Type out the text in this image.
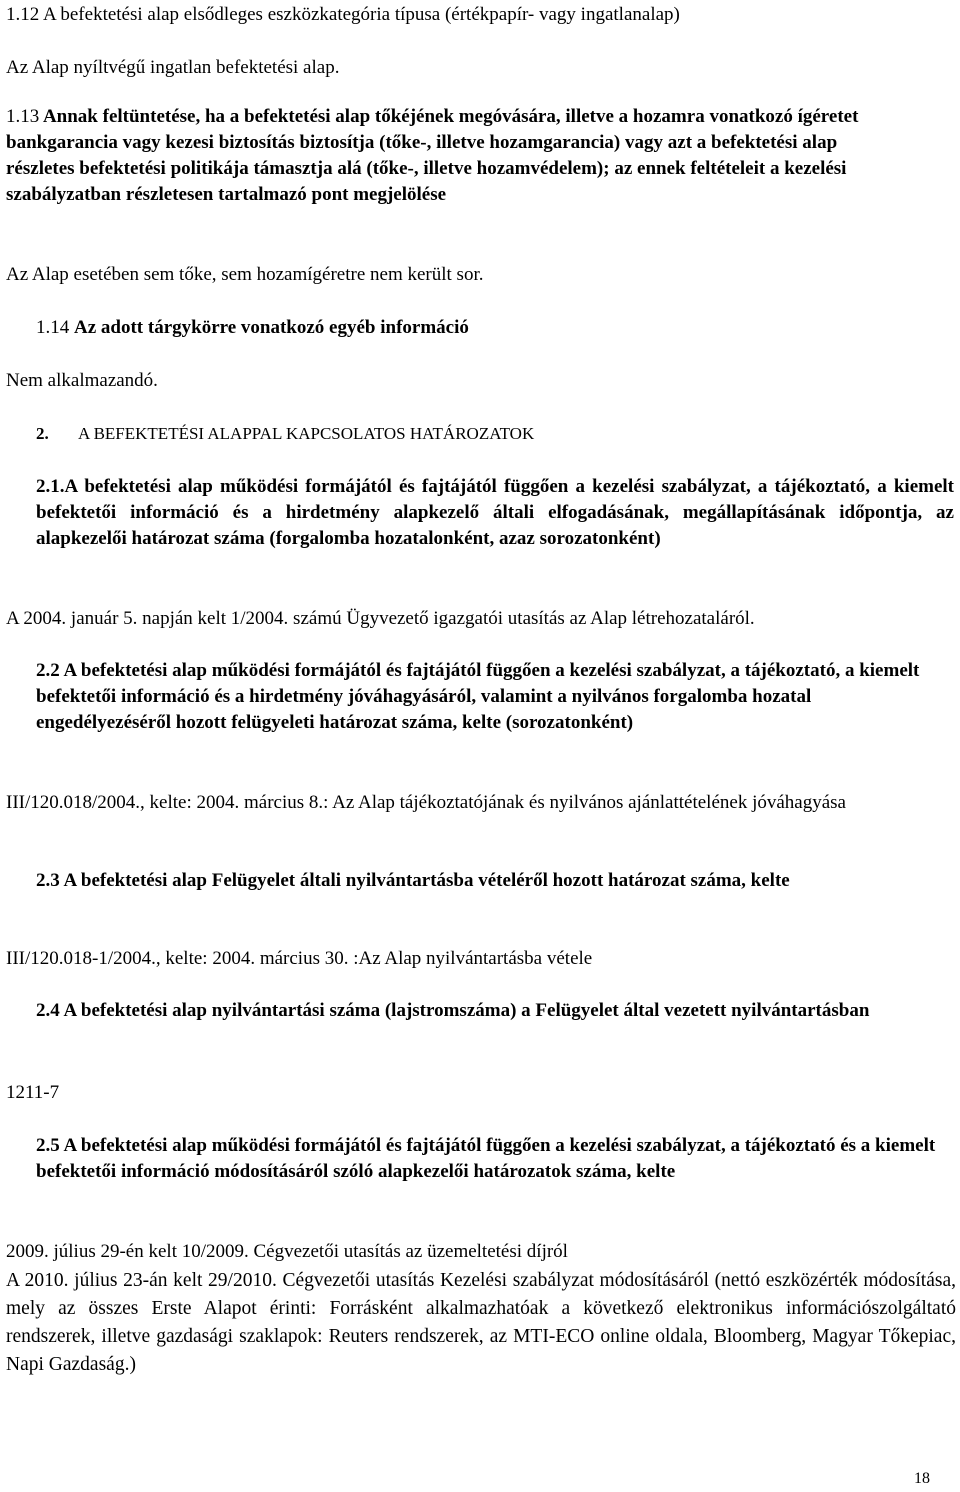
1.12 A befektetési alap elsődleges eszközkategória típusa (értékpapír- vagy ingatlanalap)

Az Alap nyíltvégű ingatlan befektetési alap.

1.13 Annak feltüntetése, ha a befektetési alap tőkéjének megóvására, illetve a hozamra vonatkozó ígéretet bankgarancia vagy kezesi biztosítás biztosítja (tőke-, illetve hozamgarancia) vagy azt a befektetési alap részletes befektetési politikája támasztja alá (tőke-, illetve hozamvédelem); az ennek feltételeit a kezelési szabályzatban részletesen tartalmazó pont megjelölése

Az Alap esetében sem tőke, sem hozamígéretre nem került sor.

1.14 Az adott tárgykörre vonatkozó egyéb információ

Nem alkalmazandó.

2. A BEFEKTETÉSI ALAPPAL KAPCSOLATOS HATÁROZATOK

2.1.A befektetési alap működési formájától és fajtájától függően a kezelési szabályzat, a tájékoztató, a kiemelt befektetői információ és a hirdetmény alapkezelő általi elfogadásának, megállapításának időpontja, az alapkezelői határozat száma (forgalomba hozatalonként, azaz sorozatonként)

A 2004. január 5. napján kelt 1/2004. számú Ügyvezető igazgatói utasítás az Alap létrehozataláról.

2.2 A befektetési alap működési formájától és fajtájától függően a kezelési szabályzat, a tájékoztató, a kiemelt befektetői információ és a hirdetmény jóváhagyásáról, valamint a nyilvános forgalomba hozatal engedélyezéséről hozott felügyeleti határozat száma, kelte (sorozatonként)

III/120.018/2004., kelte: 2004. március 8.: Az Alap tájékoztatójának és nyilvános ajánlattételének jóváhagyása

2.3 A befektetési alap Felügyelet általi nyilvántartásba vételéről hozott határozat száma, kelte

III/120.018-1/2004., kelte: 2004. március 30. :Az Alap nyilvántartásba vétele

2.4 A befektetési alap nyilvántartási száma (lajstromszáma) a Felügyelet által vezetett nyilvántartásban

1211-7

2.5 A befektetési alap működési formájától és fajtájától függően a kezelési szabályzat, a tájékoztató és a kiemelt befektetői információ módosításáról szóló alapkezelői határozatok száma, kelte

2009. július 29-én kelt 10/2009. Cégvezetői utasítás az üzemeltetési díjról

A 2010. július 23-án kelt 29/2010. Cégvezetői utasítás Kezelési szabályzat módosításáról (nettó eszközérték módosítása, mely az összes Erste Alapot érinti: Forrásként alkalmazhatóak a következő elektronikus információszolgáltató rendszerek, illetve gazdasági szaklapok: Reuters rendszerek, az MTI-ECO online oldala, Bloomberg, Magyar Tőkepiac, Napi Gazdaság.)

18
